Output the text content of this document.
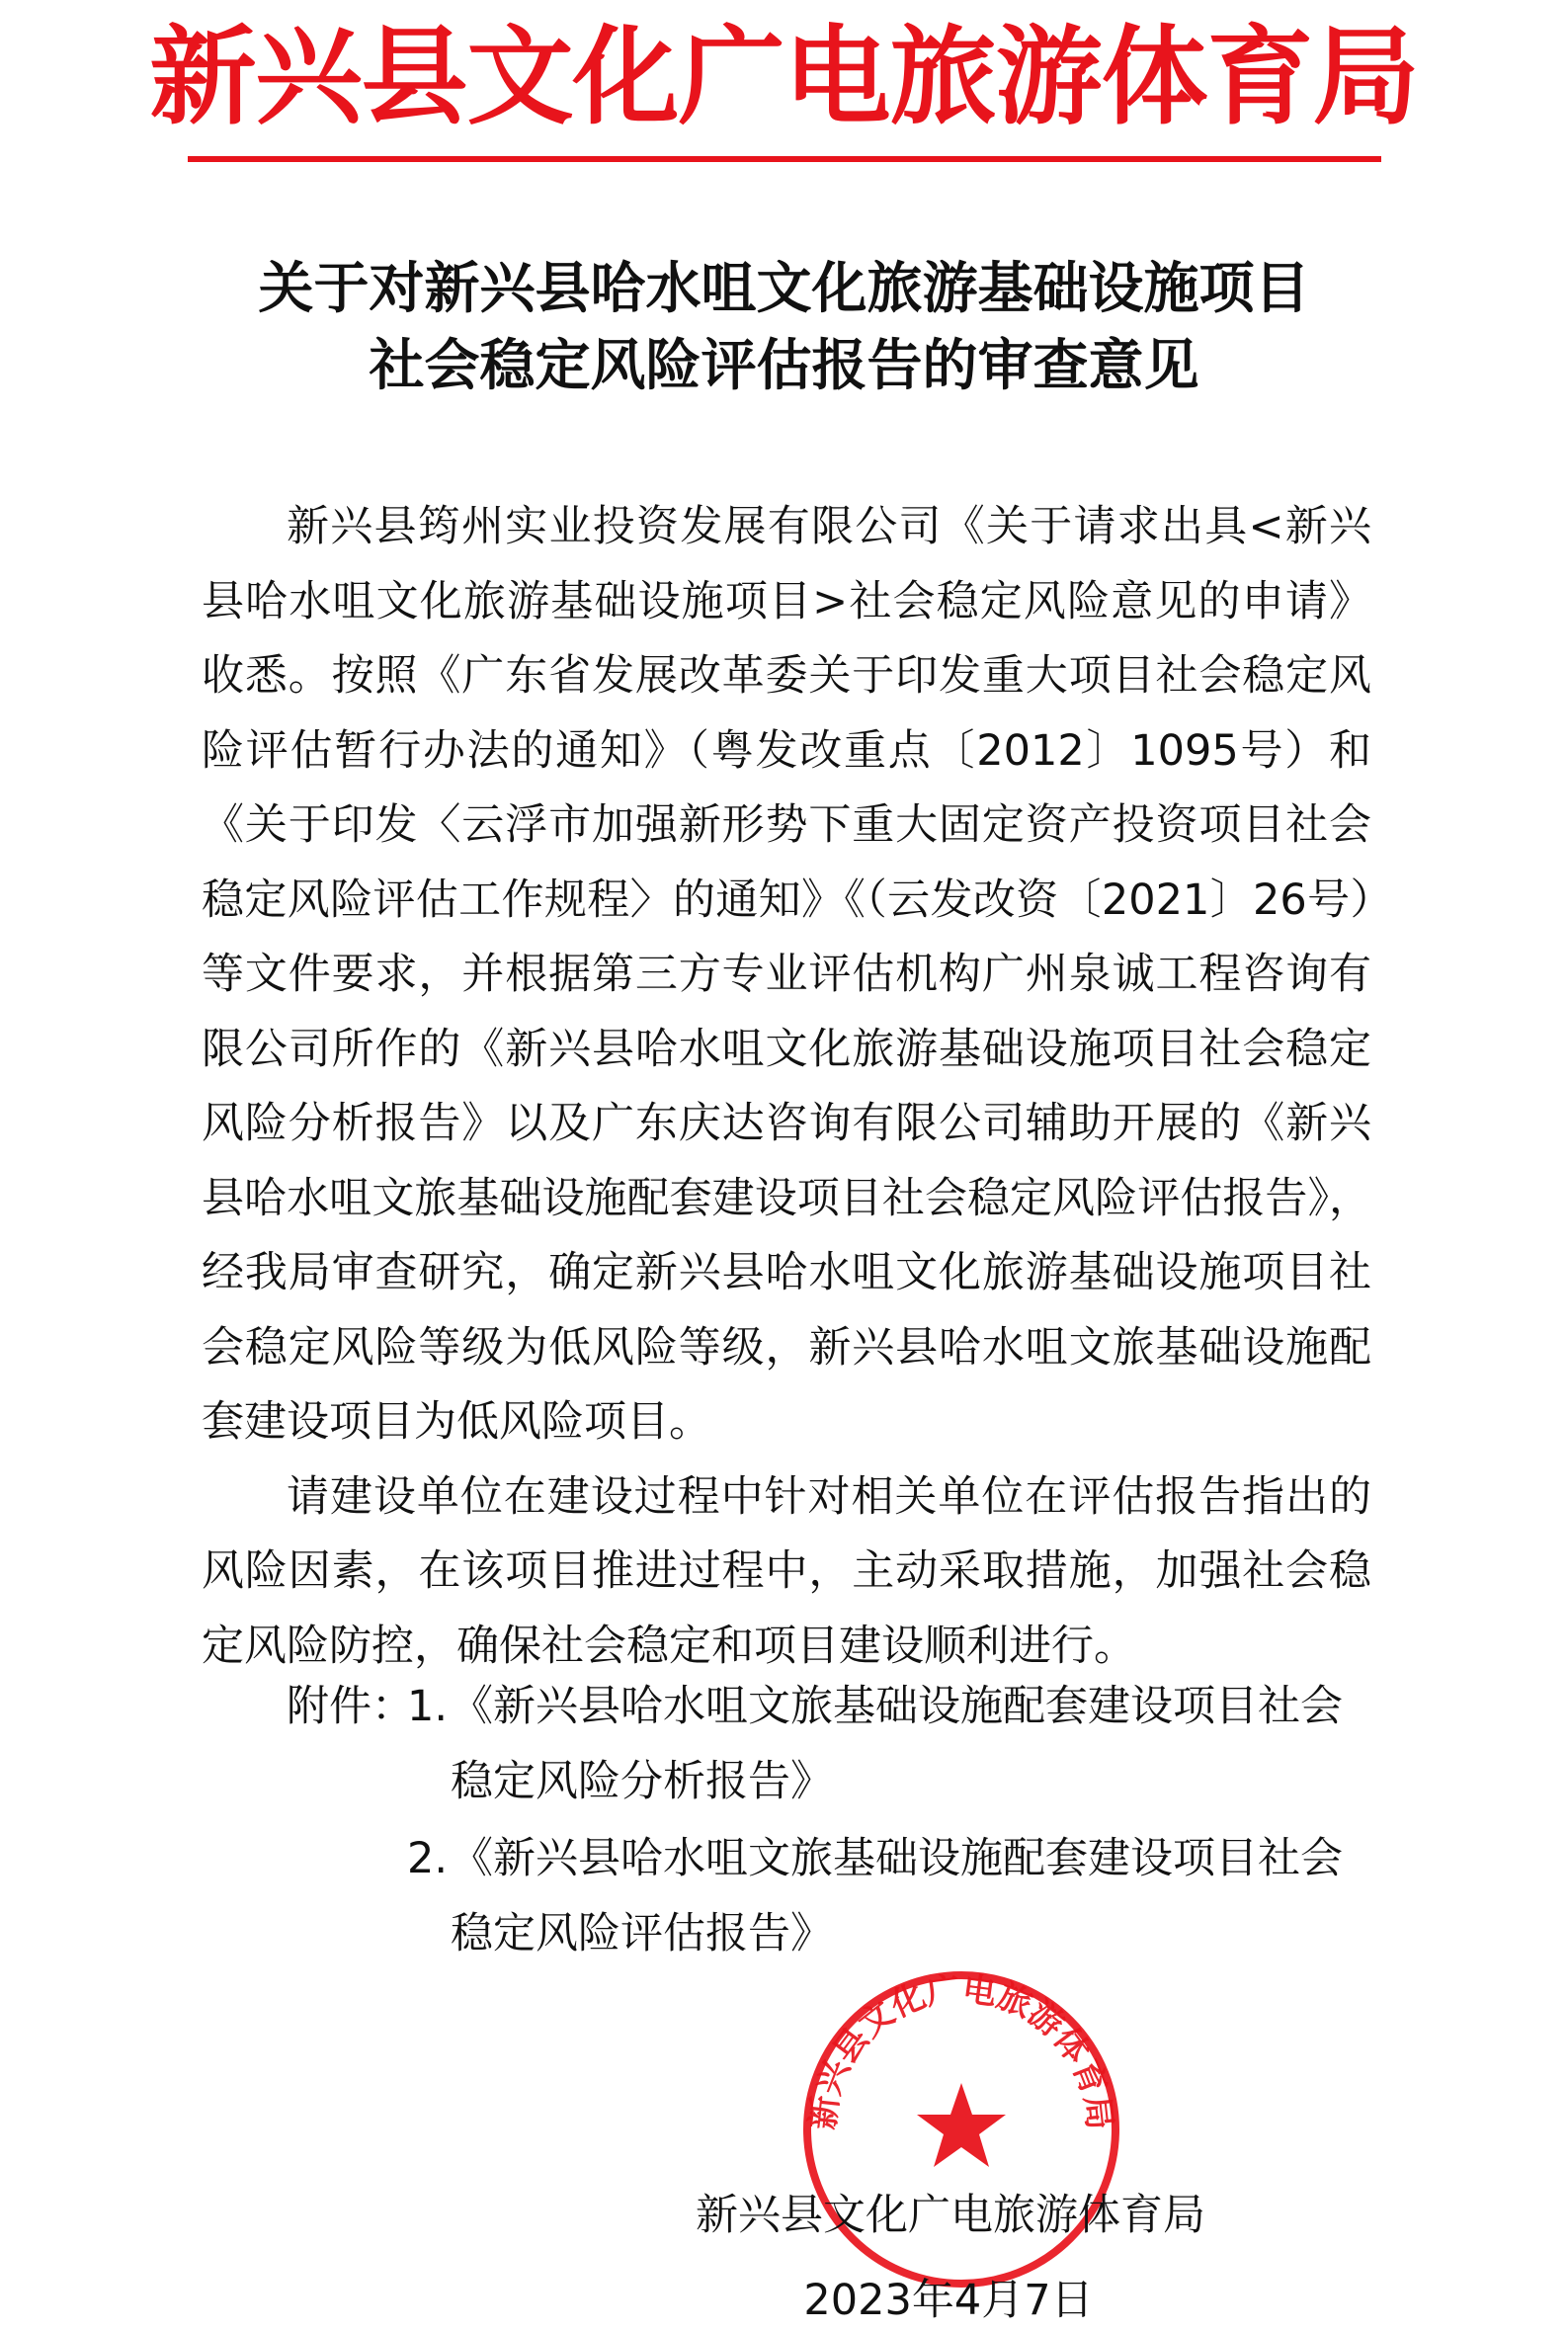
新兴县文化广电旅游体育局
关于对新兴县哈水咀文化旅游基础设施项目
社会稳定风险评估报告的审查意见

新兴县筠州实业投资发展有限公司《关于请求出具<新兴县哈水咀文化旅游基础设施项目>社会稳定风险意见的申请》收悉。按照《广东省发展改革委关于印发重大项目社会稳定风险评估暂行办法的通知》（粤发改重点〔2012〕1095号）和《关于印发〈云浮市加强新形势下重大固定资产投资项目社会稳定风险评估工作规程〉的通知》《（云发改资〔2021〕26号）等文件要求，并根据第三方专业评估机构广州泉诚工程咨询有限公司所作的《新兴县哈水咀文化旅游基础设施项目社会稳定风险分析报告》以及广东庆达咨询有限公司辅助开展的《新兴县哈水咀文旅基础设施配套建设项目社会稳定风险评估报告》，经我局审查研究，确定新兴县哈水咀文化旅游基础设施项目社会稳定风险等级为低风险等级，新兴县哈水咀文旅基础设施配套建设项目为低风险项目。

请建设单位在建设过程中针对相关单位在评估报告指出的风险因素，在该项目推进过程中，主动采取措施，加强社会稳定风险防控，确保社会稳定和项目建设顺利进行。

附件：
1. 《新兴县哈水咀文旅基础设施配套建设项目社会稳定风险分析报告》
2. 《新兴县哈水咀文旅基础设施配套建设项目社会稳定风险评估报告》
新兴县文化广电旅游体育局
新兴县文化广电旅游体育局
2023年4月7日
